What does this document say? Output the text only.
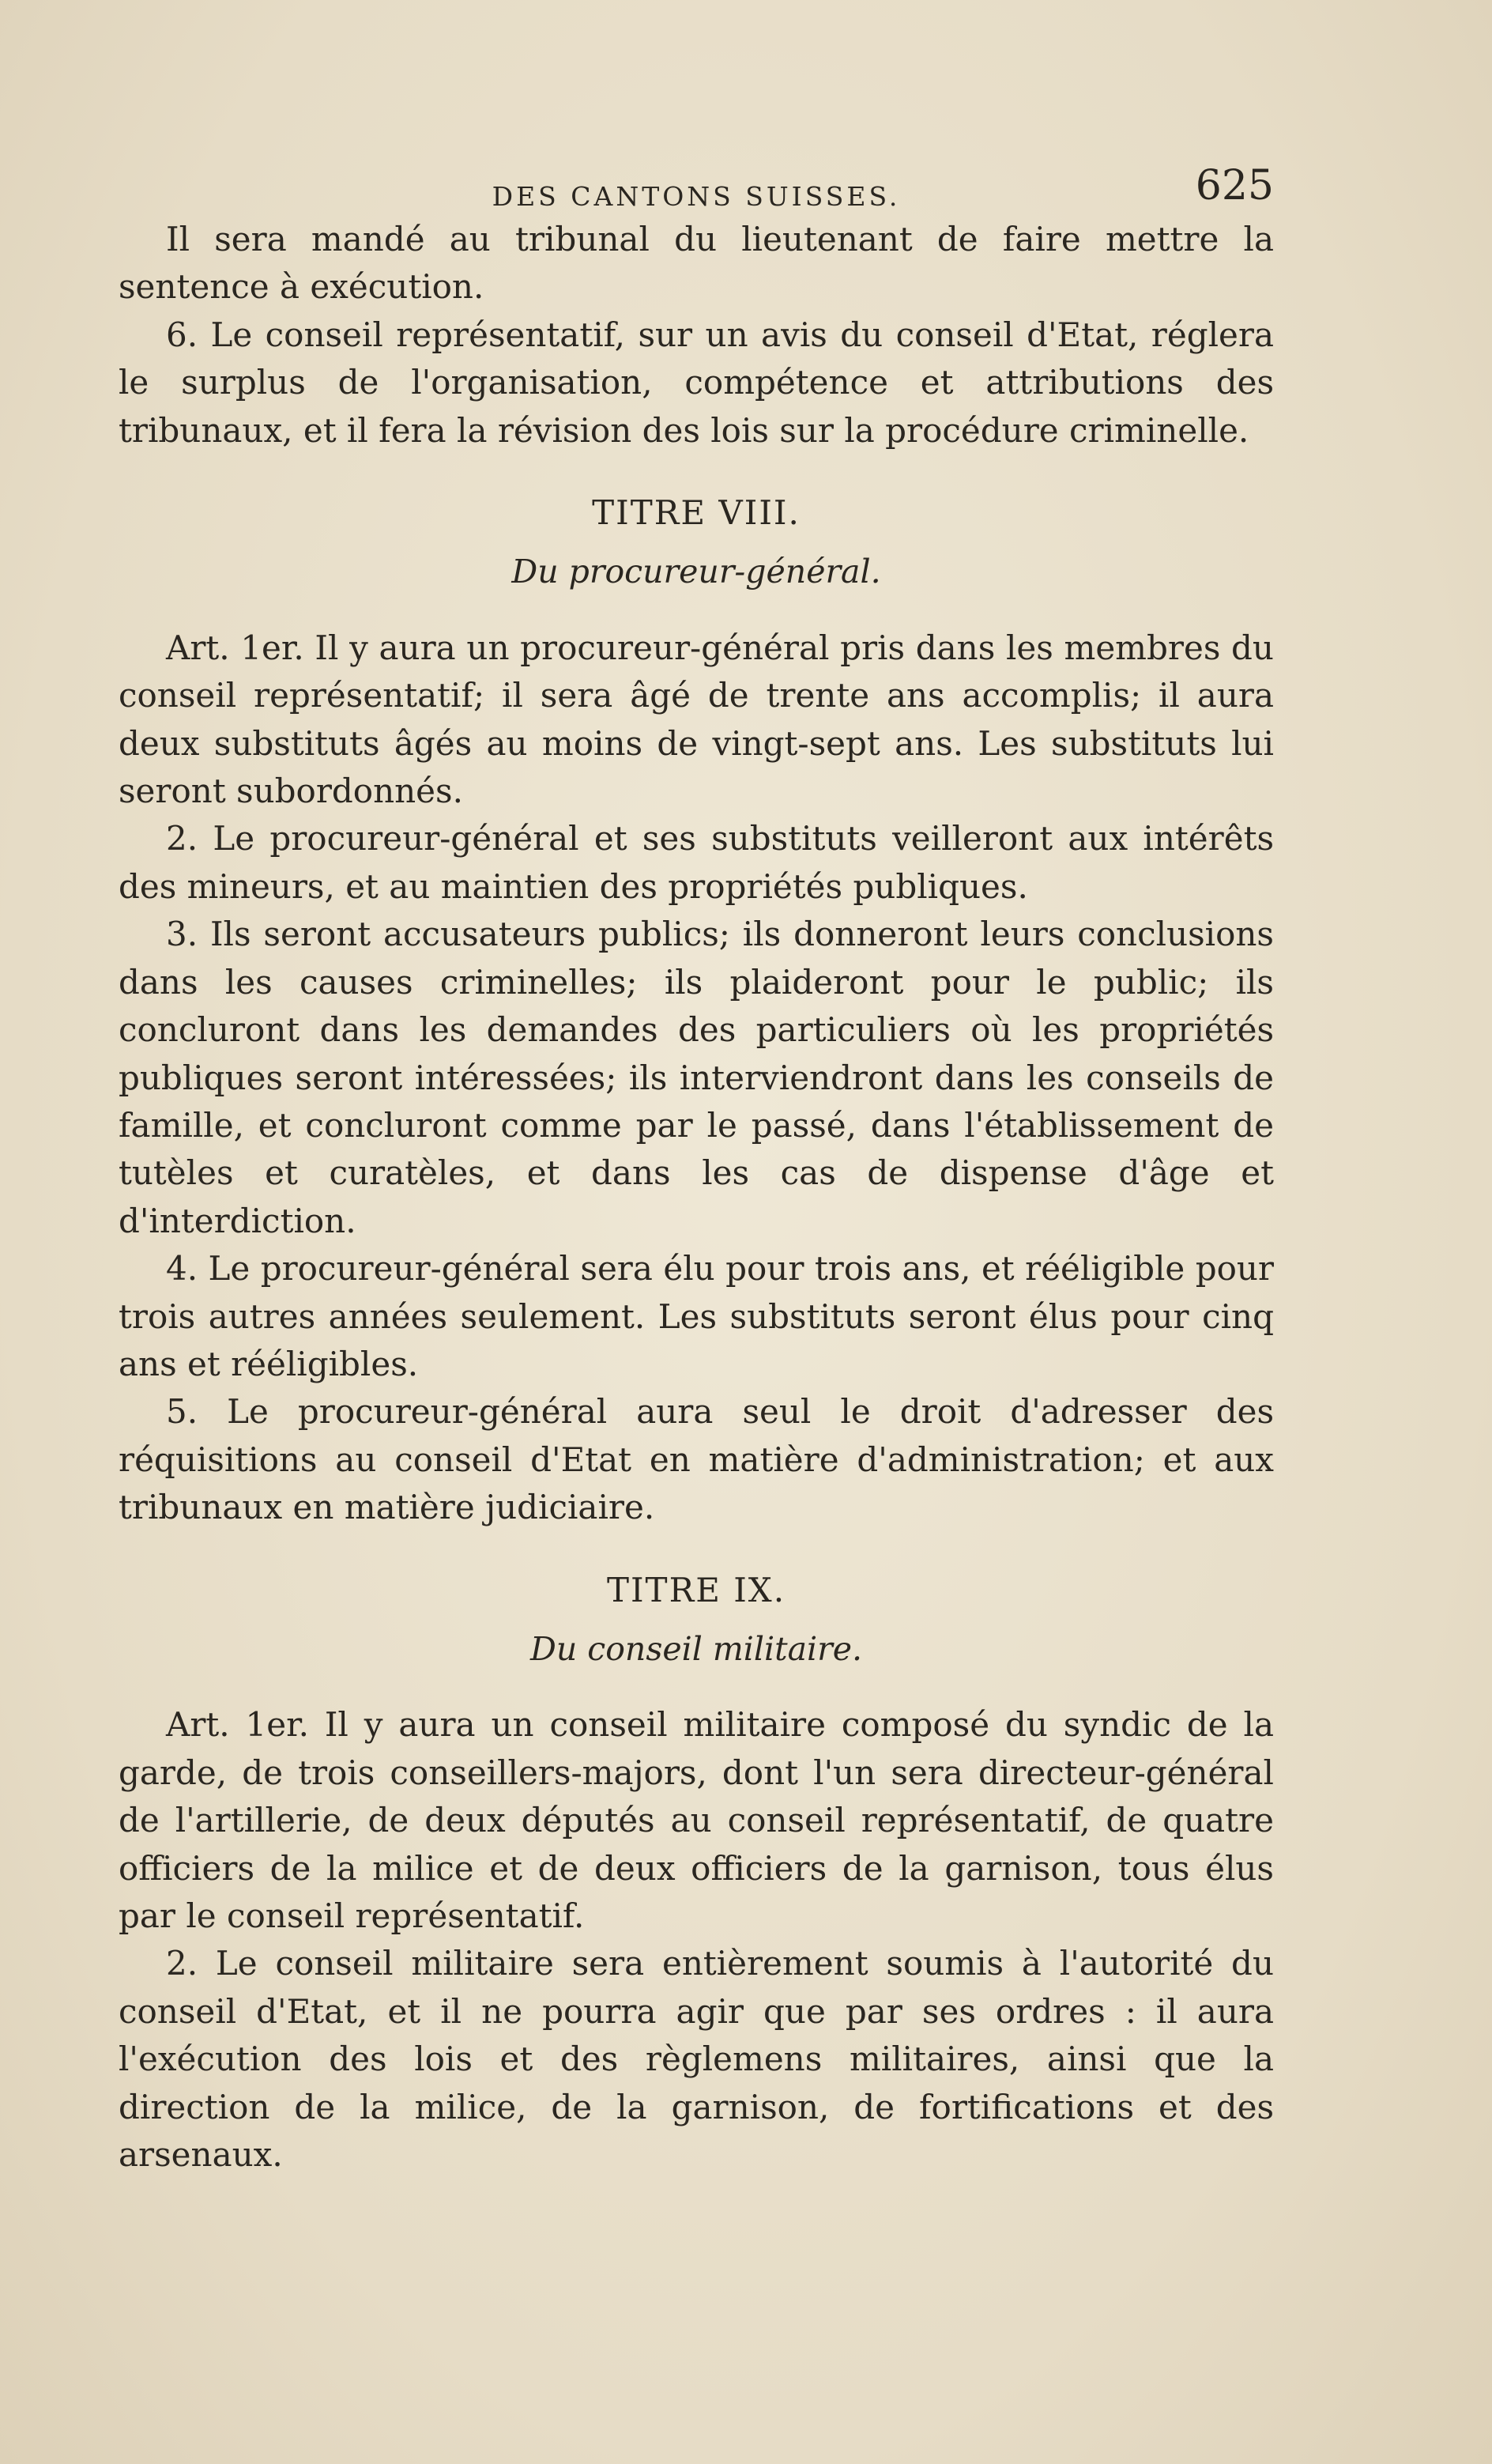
DES CANTONS SUISSES.	625

Il sera mandé au tribunal du lieutenant de faire mettre la sentence à exécution.

6. Le conseil représentatif, sur un avis du conseil d'Etat, réglera le surplus de l'organisation, compétence et attributions des tribunaux, et il fera la révision des lois sur la procédure criminelle.

TITRE VIII.
Du procureur-général.

Art. 1er. Il y aura un procureur-général pris dans les membres du conseil représentatif; il sera âgé de trente ans accomplis; il aura deux substituts âgés au moins de vingt-sept ans. Les substituts lui seront subordonnés.

2. Le procureur-général et ses substituts veilleront aux intérêts des mineurs, et au maintien des propriétés publiques.

3. Ils seront accusateurs publics; ils donneront leurs conclusions dans les causes criminelles; ils plaideront pour le public; ils concluront dans les demandes des particuliers où les propriétés publiques seront intéressées; ils interviendront dans les conseils de famille, et concluront comme par le passé, dans l'établissement de tutèles et curatèles, et dans les cas de dispense d'âge et d'interdiction.

4. Le procureur-général sera élu pour trois ans, et rééligible pour trois autres années seulement. Les substituts seront élus pour cinq ans et rééligibles.

5. Le procureur-général aura seul le droit d'adresser des réquisitions au conseil d'Etat en matière d'administration; et aux tribunaux en matière judiciaire.

TITRE IX.
Du conseil militaire.

Art. 1er. Il y aura un conseil militaire composé du syndic de la garde, de trois conseillers-majors, dont l'un sera directeur-général de l'artillerie, de deux députés au conseil représentatif, de quatre officiers de la milice et de deux officiers de la garnison, tous élus par le conseil représentatif.

2. Le conseil militaire sera entièrement soumis à l'autorité du conseil d'Etat, et il ne pourra agir que par ses ordres : il aura l'exécution des lois et des règlemens militaires, ainsi que la direction de la milice, de la garnison, de fortifications et des arsenaux.
